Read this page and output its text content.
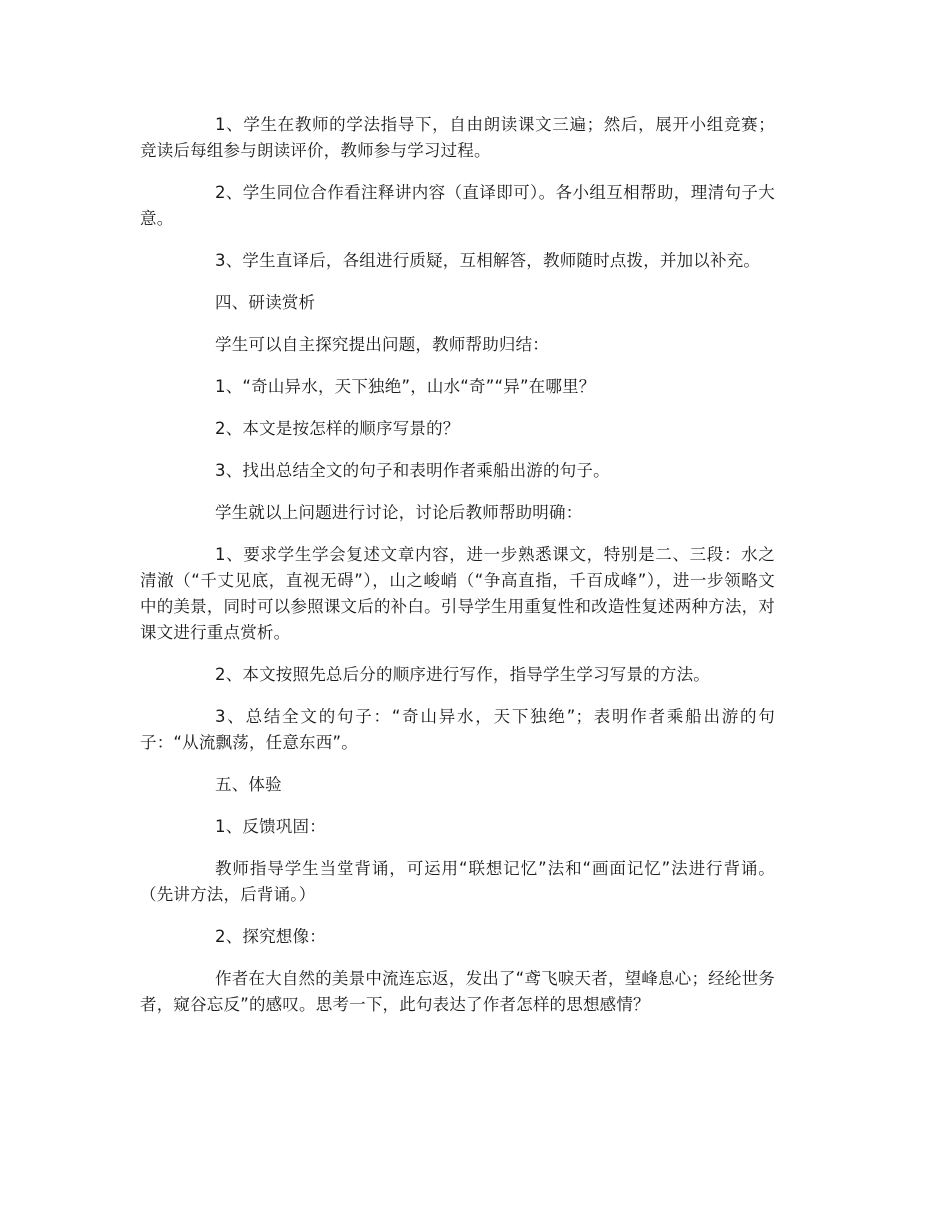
1、学生在教师的学法指导下，自由朗读课文三遍；然后，展开小组竞赛；竞读后每组参与朗读评价，教师参与学习过程。

2、学生同位合作看注释讲内容（直译即可）。各小组互相帮助，理清句子大意。

3、学生直译后，各组进行质疑，互相解答，教师随时点拨，并加以补充。

四、研读赏析

学生可以自主探究提出问题，教师帮助归结：

1、“奇山异水，天下独绝”，山水“奇”“异”在哪里？

2、本文是按怎样的顺序写景的？

3、找出总结全文的句子和表明作者乘船出游的句子。

学生就以上问题进行讨论，讨论后教师帮助明确：

1、要求学生学会复述文章内容，进一步熟悉课文，特别是二、三段：水之清澈（“千丈见底，直视无碍”），山之峻峭（“争高直指，千百成峰”），进一步领略文中的美景，同时可以参照课文后的补白。引导学生用重复性和改造性复述两种方法，对课文进行重点赏析。

2、本文按照先总后分的顺序进行写作，指导学生学习写景的方法。

3、总结全文的句子：“奇山异水，天下独绝”；表明作者乘船出游的句子：“从流飘荡，任意东西”。

五、体验

1、反馈巩固：

教师指导学生当堂背诵，可运用“联想记忆”法和“画面记忆”法进行背诵。（先讲方法，后背诵。）

2、探究想像：

作者在大自然的美景中流连忘返，发出了“鸢飞唳天者，望峰息心；经纶世务者，窥谷忘反”的感叹。思考一下，此句表达了作者怎样的思想感情？
